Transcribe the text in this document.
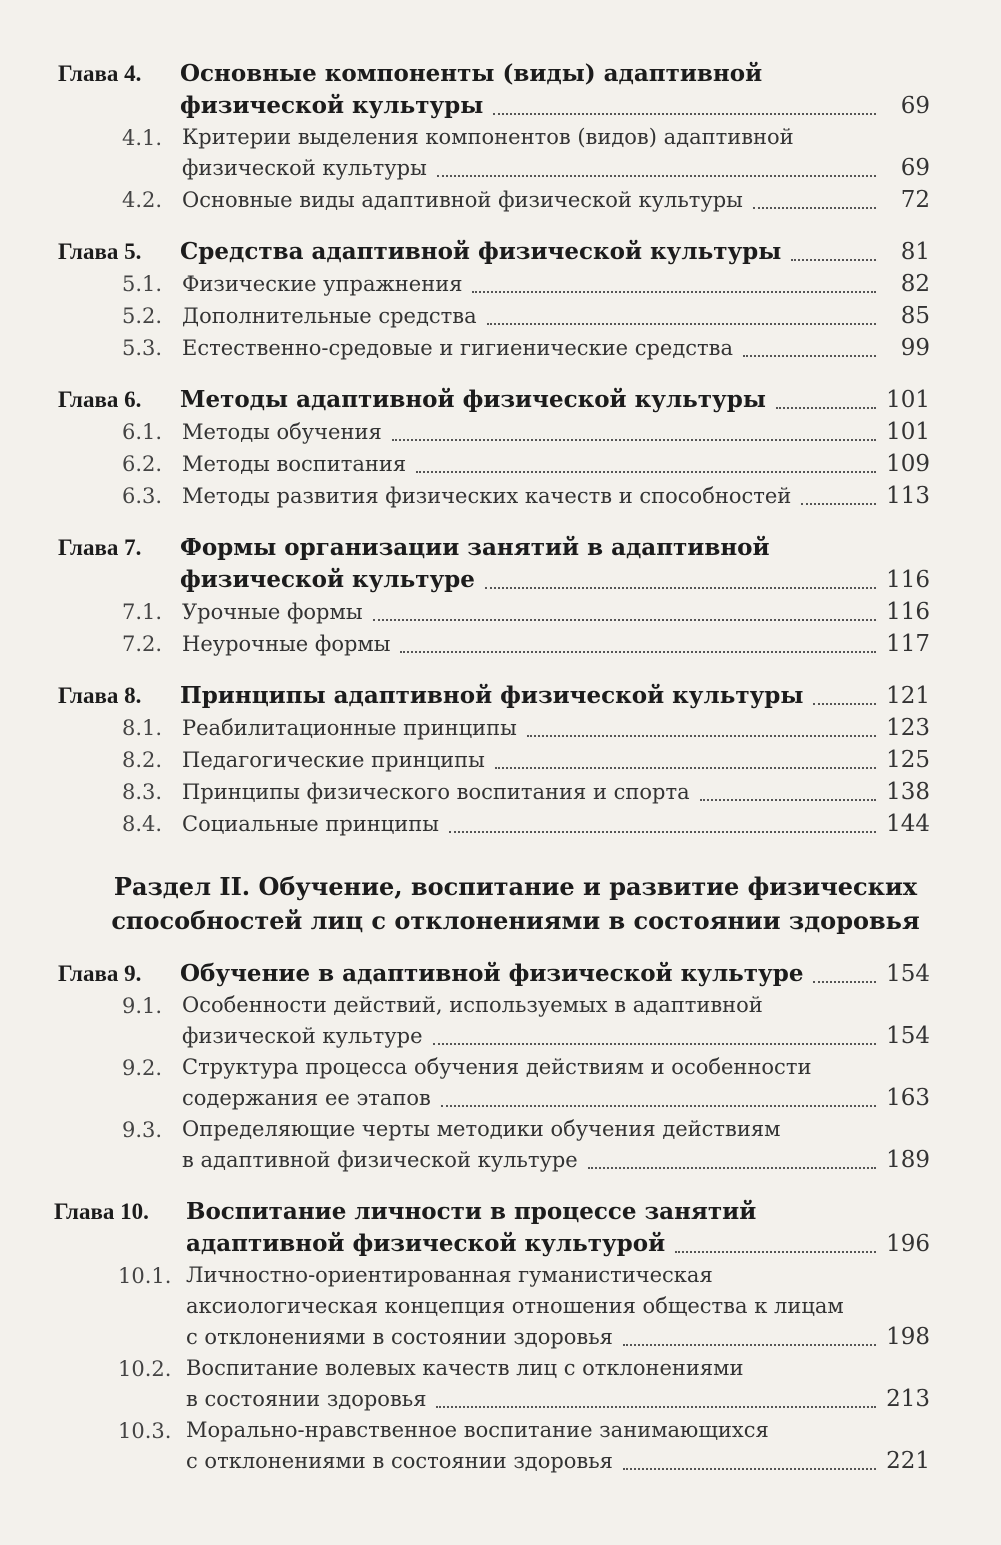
Глава 4.	Основные компоненты (виды) адаптивной
физической культуры	69
4.1. Критерии выделения компонентов (видов) адаптивной
физической культуры	69
4.2. Основные виды адаптивной физической культуры	72
Глава 5.	Средства адаптивной физической культуры	81
5.1. Физические упражнения	82
5.2. Дополнительные средства	85
5.3. Естественно-средовые и гигиенические средства	99
Глава 6.	Методы адаптивной физической культуры	101
6.1. Методы обучения	101
6.2. Методы воспитания	109
6.3. Методы развития физических качеств и способностей	113
Глава 7.	Формы организации занятий в адаптивной
физической культуре	116
7.1. Урочные формы	116
7.2. Неурочные формы	117
Глава 8.	Принципы адаптивной физической культуры	121
8.1. Реабилитационные принципы	123
8.2. Педагогические принципы	125
8.3. Принципы физического воспитания и спорта	138
8.4. Социальные принципы	144
Раздел II. Обучение, воспитание и развитие физических
способностей лиц с отклонениями в состоянии здоровья
Глава 9.	Обучение в адаптивной физической культуре	154
9.1. Особенности действий, используемых в адаптивной
физической культуре	154
9.2. Структура процесса обучения действиям и особенности
содержания ее этапов	163
9.3. Определяющие черты методики обучения действиям
в адаптивной физической культуре	189
Глава 10.	Воспитание личности в процессе занятий
адаптивной физической культурой	196
10.1. Личностно-ориентированная гуманистическая
аксиологическая концепция отношения общества к лицам
с отклонениями в состоянии здоровья	198
10.2. Воспитание волевых качеств лиц с отклонениями
в состоянии здоровья	213
10.3. Морально-нравственное воспитание занимающихся
с отклонениями в состоянии здоровья	221
